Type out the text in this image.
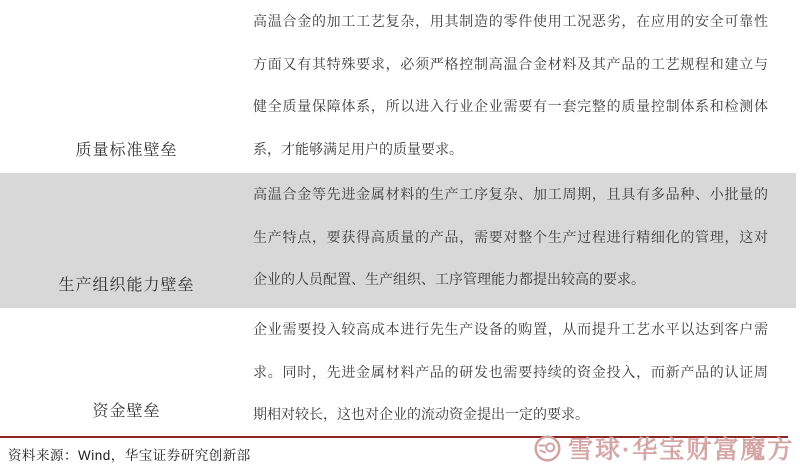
质量标准壁垒
高温合金的加工工艺复杂，用其制造的零件使用工况恶劣，在应用的安全可靠性
方面又有其特殊要求，必须严格控制高温合金材料及其产品的工艺规程和建立与
健全质量保障体系，所以进入行业企业需要有一套完整的质量控制体系和检测体
系，才能够满足用户的质量要求。
生产组织能力壁垒
高温合金等先进金属材料的生产工序复杂、加工周期，且具有多品种、小批量的
生产特点，要获得高质量的产品，需要对整个生产过程进行精细化的管理，这对
企业的人员配置、生产组织、工序管理能力都提出较高的要求。
资金壁垒
企业需要投入较高成本进行先生产设备的购置，从而提升工艺水平以达到客户需
求。同时，先进金属材料产品的研发也需要持续的资金投入，而新产品的认证周
期相对较长，这也对企业的流动资金提出一定的要求。
资料来源：Wind，华宝证券研究创新部	雪球·华宝财富魔方
